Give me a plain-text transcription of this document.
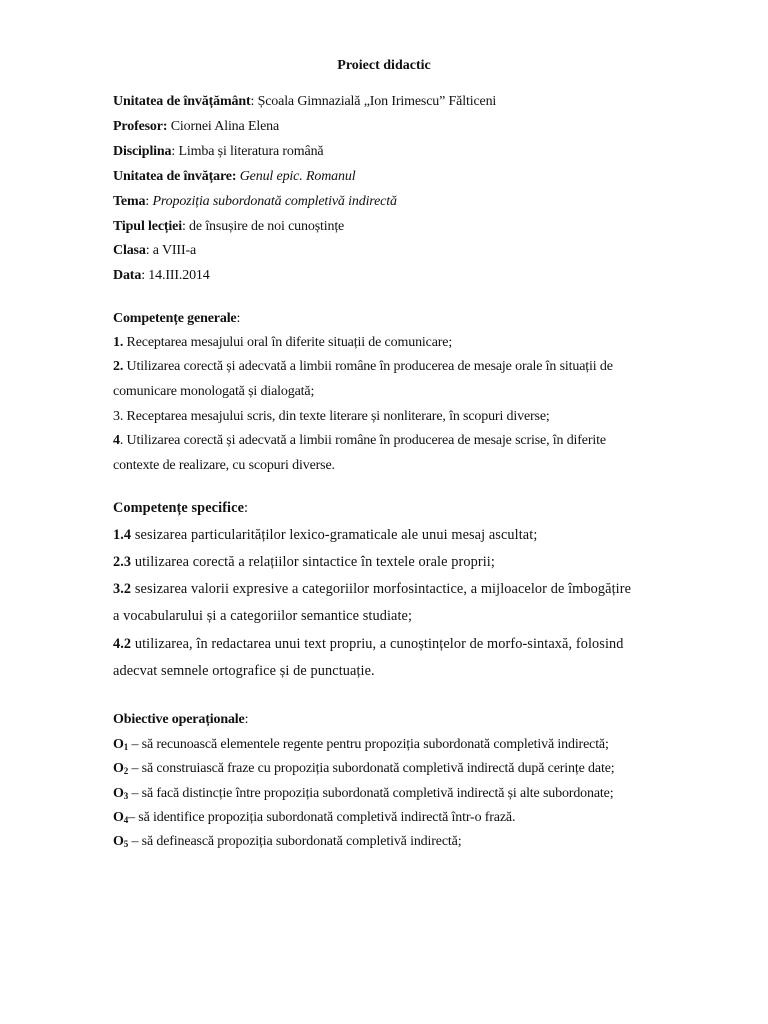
Proiect didactic
Unitatea de învățământ: Școala Gimnazială „Ion Irimescu” Fălticeni
Profesor: Ciornei Alina Elena
Disciplina: Limba și literatura română
Unitatea de învățare: Genul epic. Romanul
Tema: Propoziția subordonată completivă indirectă
Tipul lecției: de însușire de noi cunoștințe
Clasa: a VIII-a
Data: 14.III.2014
Competențe generale:
1. Receptarea mesajului oral în diferite situații de comunicare;
2. Utilizarea corectă și adecvată a limbii române în producerea de mesaje orale în situații de
comunicare monologată și dialogată;
3. Receptarea mesajului scris, din texte literare și nonliterare, în scopuri diverse;
4. Utilizarea corectă și adecvată a limbii române în producerea de mesaje scrise, în diferite
contexte de realizare, cu scopuri diverse.
Competențe specifice:
1.4 sesizarea particularităților lexico-gramaticale ale unui mesaj ascultat;
2.3 utilizarea corectă a relațiilor sintactice în textele orale proprii;
3.2 sesizarea valorii expresive a categoriilor morfosintactice, a mijloacelor de îmbogățire
a vocabularului și a categoriilor semantice studiate;
4.2 utilizarea, în redactarea unui text propriu, a cunoștințelor de morfo-sintaxă, folosind
adecvat semnele ortografice și de punctuație.
Obiective operaționale:
$O_1$ – să recunoască elementele regente pentru propoziția subordonată completivă indirectă;
$O_2$ – să construiască fraze cu propoziția subordonată completivă indirectă după cerințe date;
$O_3$ – să facă distincție între propoziția subordonată completivă indirectă și alte subordonate;
$O_4-$ să identifice propoziția subordonată completivă indirectă într-o frază.
$O_5$ – să definească propoziția subordonată completivă indirectă;
